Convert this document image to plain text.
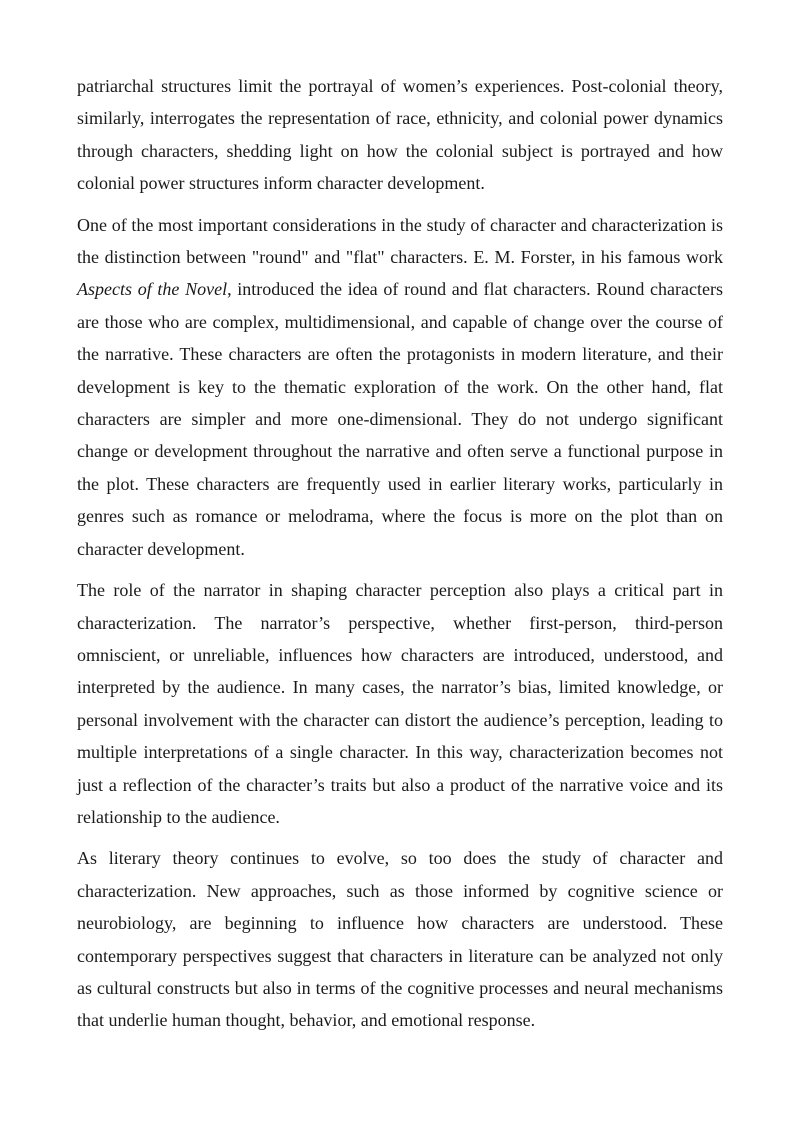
patriarchal structures limit the portrayal of women’s experiences. Post-colonial theory, similarly, interrogates the representation of race, ethnicity, and colonial power dynamics through characters, shedding light on how the colonial subject is portrayed and how colonial power structures inform character development.

One of the most important considerations in the study of character and characterization is the distinction between "round" and "flat" characters. E. M. Forster, in his famous work Aspects of the Novel, introduced the idea of round and flat characters. Round characters are those who are complex, multidimensional, and capable of change over the course of the narrative. These characters are often the protagonists in modern literature, and their development is key to the thematic exploration of the work. On the other hand, flat characters are simpler and more one-dimensional. They do not undergo significant change or development throughout the narrative and often serve a functional purpose in the plot. These characters are frequently used in earlier literary works, particularly in genres such as romance or melodrama, where the focus is more on the plot than on character development.

The role of the narrator in shaping character perception also plays a critical part in characterization. The narrator’s perspective, whether first-person, third-person omniscient, or unreliable, influences how characters are introduced, understood, and interpreted by the audience. In many cases, the narrator’s bias, limited knowledge, or personal involvement with the character can distort the audience’s perception, leading to multiple interpretations of a single character. In this way, characterization becomes not just a reflection of the character’s traits but also a product of the narrative voice and its relationship to the audience.

As literary theory continues to evolve, so too does the study of character and characterization. New approaches, such as those informed by cognitive science or neurobiology, are beginning to influence how characters are understood. These contemporary perspectives suggest that characters in literature can be analyzed not only as cultural constructs but also in terms of the cognitive processes and neural mechanisms that underlie human thought, behavior, and emotional response.
